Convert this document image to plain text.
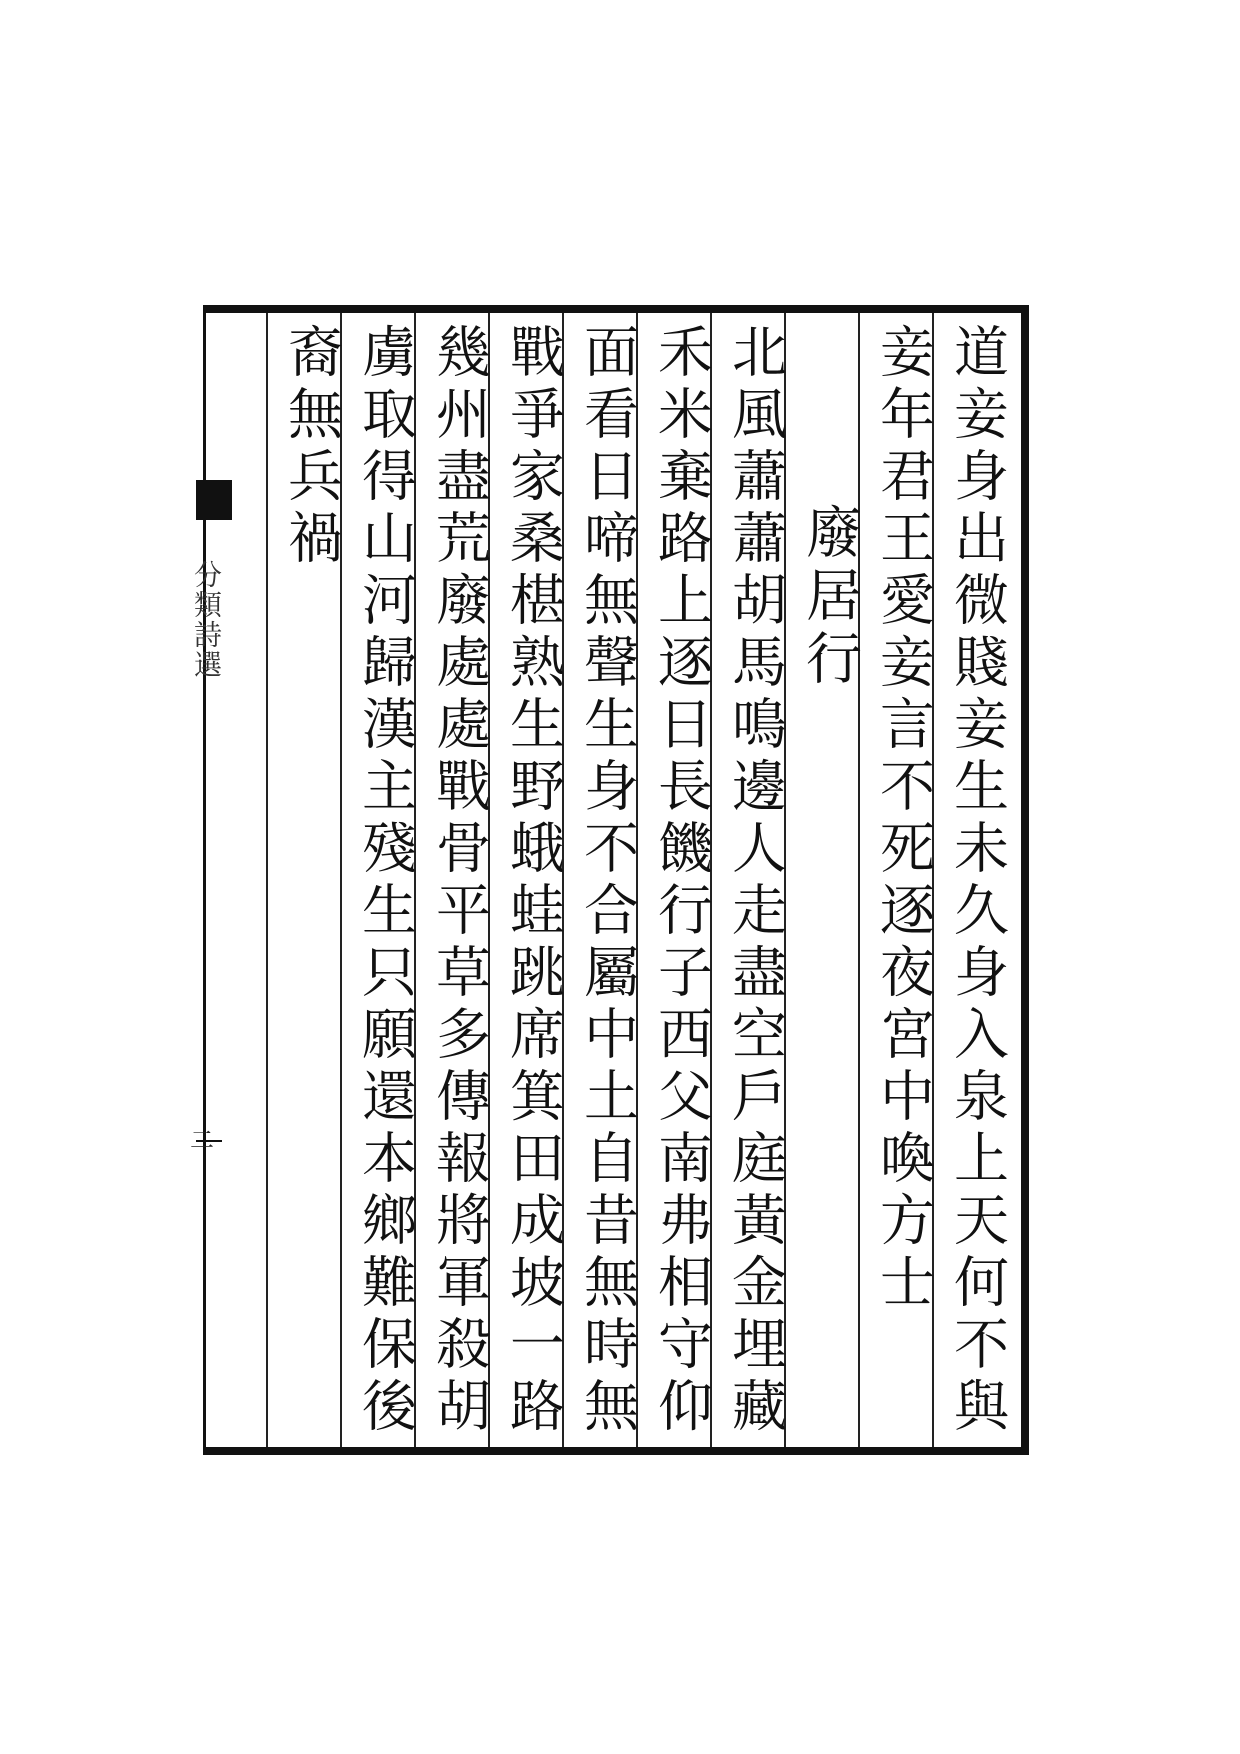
道妾身出微賤妾生未久身入泉上天何不與
妾年君王愛妾言不死逐夜宮中喚方士
廢居行
北風蕭蕭胡馬鳴邊人走盡空戶庭黃金埋藏
禾米棄路上逐日長饑行子西父南弗相守仰
面看日啼無聲生身不合屬中土自昔無時無
戰爭家桑椹熟生野蛾蛙跳席箕田成坡一路
幾州盡荒廢處處戰骨平草多傳報將軍殺胡
虜取得山河歸漢主殘生只願還本鄉難保後
裔無兵禍
分類詩選
二
